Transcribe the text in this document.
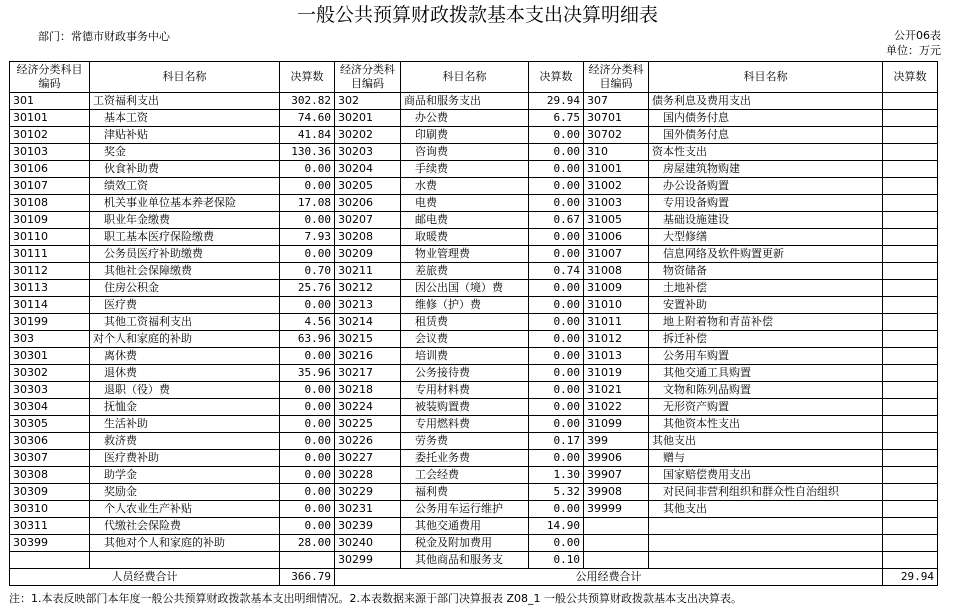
一般公共预算财政拨款基本支出决算明细表
部门：常德市财政事务中心	公开06表
单位：万元
经济分类科目编码	科目名称	决算数	经济分类科目编码	科目名称	决算数	经济分类科目编码	科目名称	决算数
301	工资福利支出	302.82	302	商品和服务支出	29.94	307	债务利息及费用支出	
30101	基本工资	74.60	30201	办公费	6.75	30701	国内债务付息	
30102	津贴补贴	41.84	30202	印刷费	0.00	30702	国外债务付息	
30103	奖金	130.36	30203	咨询费	0.00	310	资本性支出	
30106	伙食补助费	0.00	30204	手续费	0.00	31001	房屋建筑物购建	
30107	绩效工资	0.00	30205	水费	0.00	31002	办公设备购置	
30108	机关事业单位基本养老保险	17.08	30206	电费	0.00	31003	专用设备购置	
30109	职业年金缴费	0.00	30207	邮电费	0.67	31005	基础设施建设	
30110	职工基本医疗保险缴费	7.93	30208	取暖费	0.00	31006	大型修缮	
30111	公务员医疗补助缴费	0.00	30209	物业管理费	0.00	31007	信息网络及软件购置更新	
30112	其他社会保障缴费	0.70	30211	差旅费	0.74	31008	物资储备	
30113	住房公积金	25.76	30212	因公出国（境）费	0.00	31009	土地补偿	
30114	医疗费	0.00	30213	维修（护）费	0.00	31010	安置补助	
30199	其他工资福利支出	4.56	30214	租赁费	0.00	31011	地上附着物和青苗补偿	
303	对个人和家庭的补助	63.96	30215	会议费	0.00	31012	拆迁补偿	
30301	离休费	0.00	30216	培训费	0.00	31013	公务用车购置	
30302	退休费	35.96	30217	公务接待费	0.00	31019	其他交通工具购置	
30303	退职（役）费	0.00	30218	专用材料费	0.00	31021	文物和陈列品购置	
30304	抚恤金	0.00	30224	被装购置费	0.00	31022	无形资产购置	
30305	生活补助	0.00	30225	专用燃料费	0.00	31099	其他资本性支出	
30306	救济费	0.00	30226	劳务费	0.17	399	其他支出	
30307	医疗费补助	0.00	30227	委托业务费	0.00	39906	赠与	
30308	助学金	0.00	30228	工会经费	1.30	39907	国家赔偿费用支出	
30309	奖励金	0.00	30229	福利费	5.32	39908	对民间非营利组织和群众性自治组织	
30310	个人农业生产补贴	0.00	30231	公务用车运行维护	0.00	39999	其他支出	
30311	代缴社会保险费	0.00	30239	其他交通费用	14.90			
30399	其他对个人和家庭的补助	28.00	30240	税金及附加费用	0.00			
			30299	其他商品和服务支	0.10			
人员经费合计		366.79	公用经费合计					29.94
注：1.本表反映部门本年度一般公共预算财政拨款基本支出明细情况。2.本表数据来源于部门决算报表 Z08_1 一般公共预算财政拨款基本支出决算表。
